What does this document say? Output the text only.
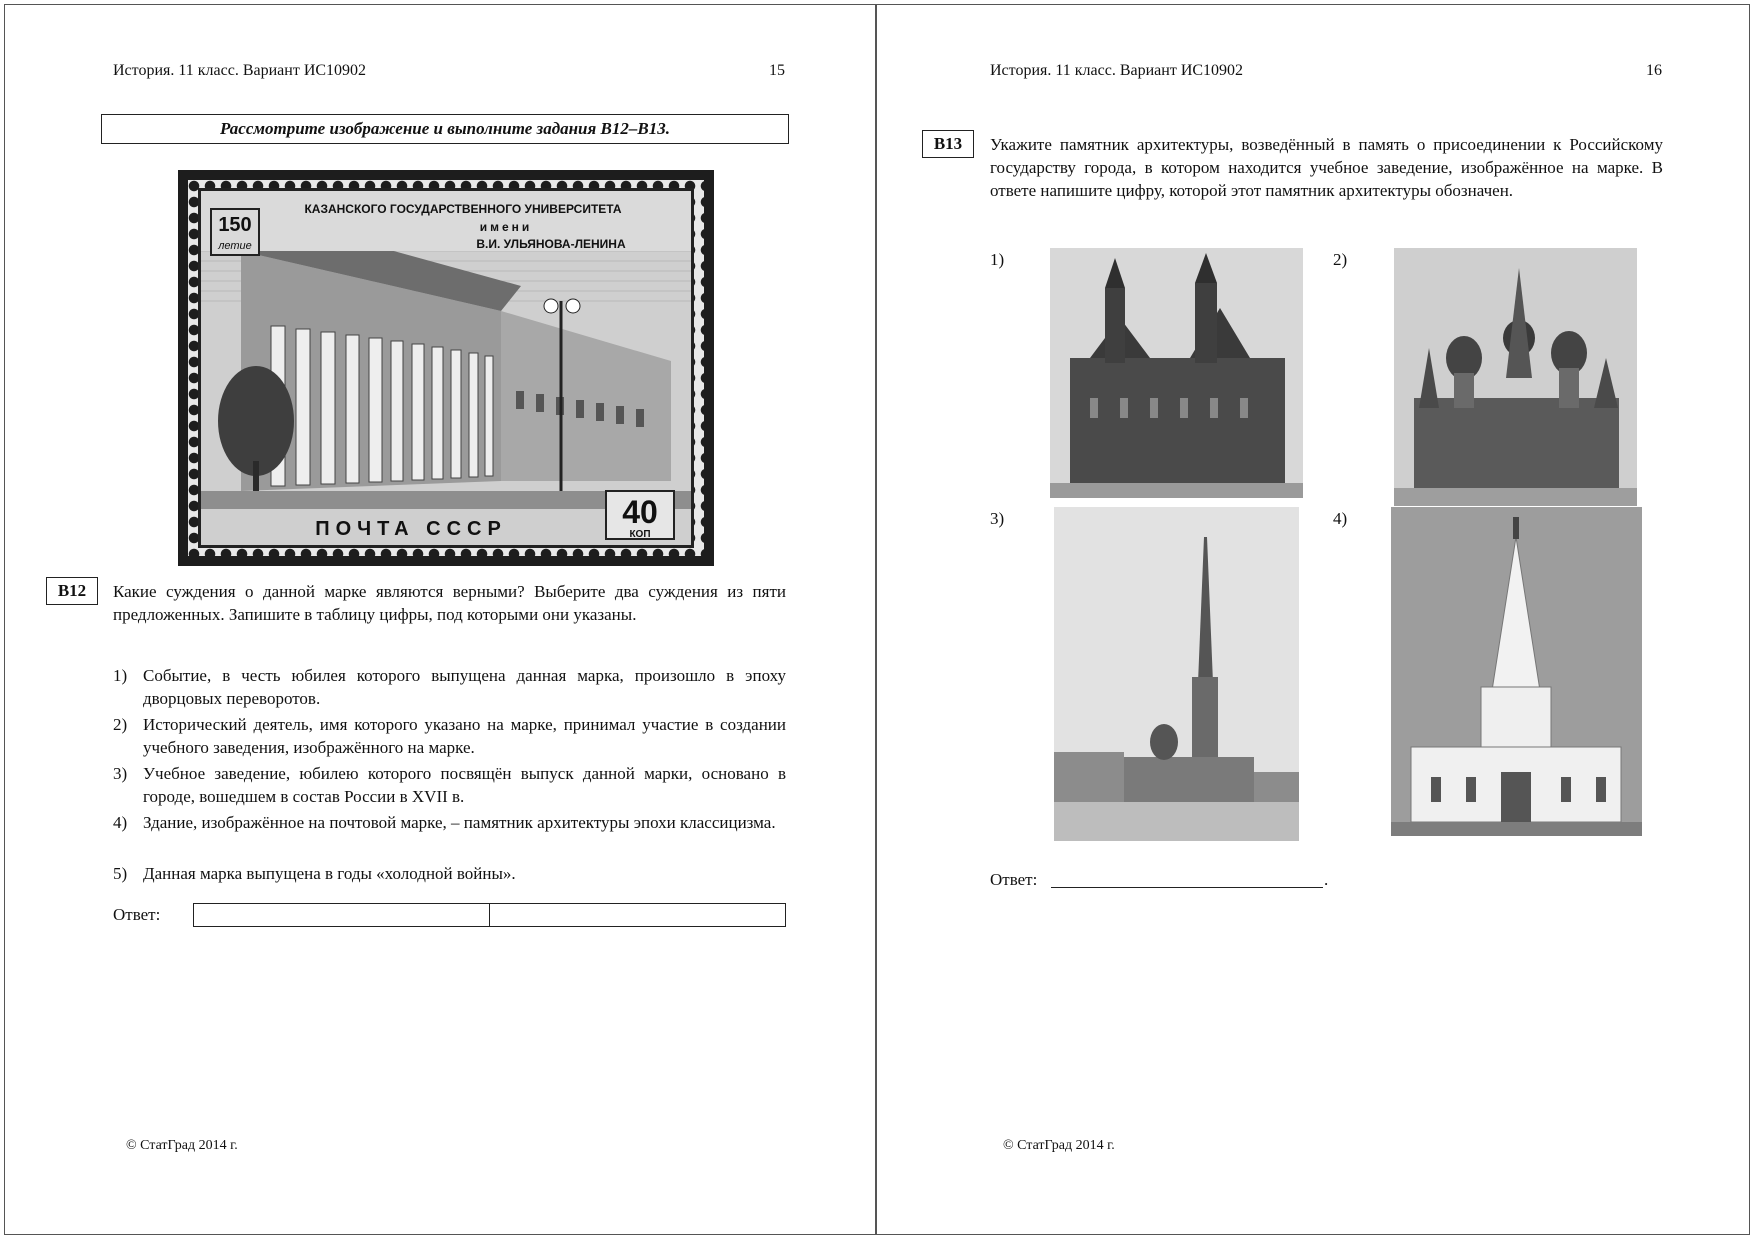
История. 11 класс. Вариант ИС10902	15
Рассмотрите изображение и выполните задания B12–B13.
150
летие
КАЗАНСКОГО ГОСУДАРСТВЕННОГО УНИВЕРСИТЕТА
имени
В.И. УЛЬЯНОВА-ЛЕНИНА
ПОЧТА СССР	40
КОП
B12	Какие суждения о данной марке являются верными? Выберите два суждения из пяти предложенных. Запишите в таблицу цифры, под которыми они указаны.
1) Событие, в честь юбилея которого выпущена данная марка, произошло в эпоху дворцовых переворотов.
2) Исторический деятель, имя которого указано на марке, принимал участие в создании учебного заведения, изображённого на марке.
3) Учебное заведение, юбилею которого посвящён выпуск данной марки, основано в городе, вошедшем в состав России в XVII в.
4) Здание, изображённое на почтовой марке, – памятник архитектуры эпохи классицизма.
5) Данная марка выпущена в годы «холодной войны».
Ответ:
© СтатГрад 2014 г.
История. 11 класс. Вариант ИС10902	16
B13	Укажите памятник архитектуры, возведённый в память о присоединении к Российскому государству города, в котором находится учебное заведение, изображённое на марке. В ответе напишите цифру, которой этот памятник архитектуры обозначен.
1)	2)
3)	4)
Ответ:	.
© СтатГрад 2014 г.
